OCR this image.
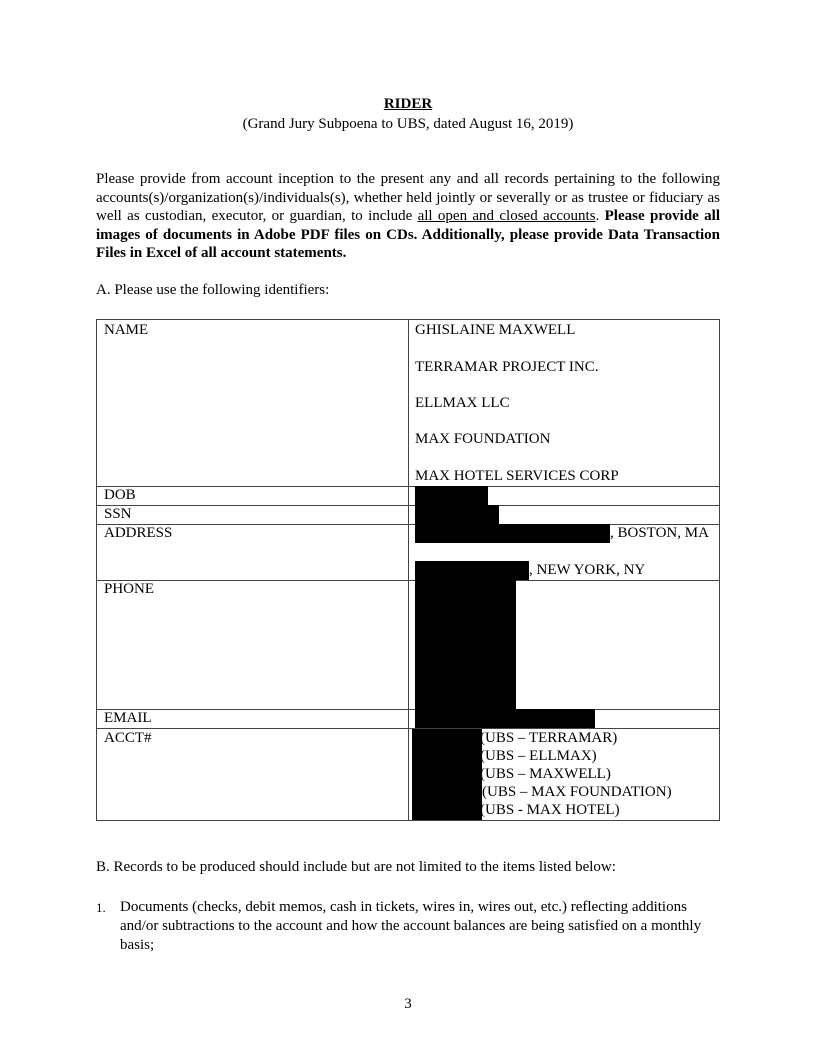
RIDER
(Grand Jury Subpoena to UBS, dated August 16, 2019)
Please provide from account inception to the present any and all records pertaining to the following accounts(s)/organization(s)/individuals(s), whether held jointly or severally or as trustee or fiduciary as well as custodian, executor, or guardian, to include all open and closed accounts. Please provide all images of documents in Adobe PDF files on CDs. Additionally, please provide Data Transaction Files in Excel of all account statements.
A. Please use the following identifiers:
NAME	GHISLAINE MAXWELL
TERRAMAR PROJECT INC.
ELLMAX LLC
MAX FOUNDATION
MAX HOTEL SERVICES CORP
DOB
SSN
ADDRESS	, BOSTON, MA
, NEW YORK, NY
PHONE
EMAIL
ACCT#	(UBS – TERRAMAR)
(UBS – ELLMAX)
(UBS – MAXWELL)
(UBS – MAX FOUNDATION)
(UBS - MAX HOTEL)
B. Records to be produced should include but are not limited to the items listed below:
1. Documents (checks, debit memos, cash in tickets, wires in, wires out, etc.) reflecting additions and/or subtractions to the account and how the account balances are being satisfied on a monthly basis;
3
